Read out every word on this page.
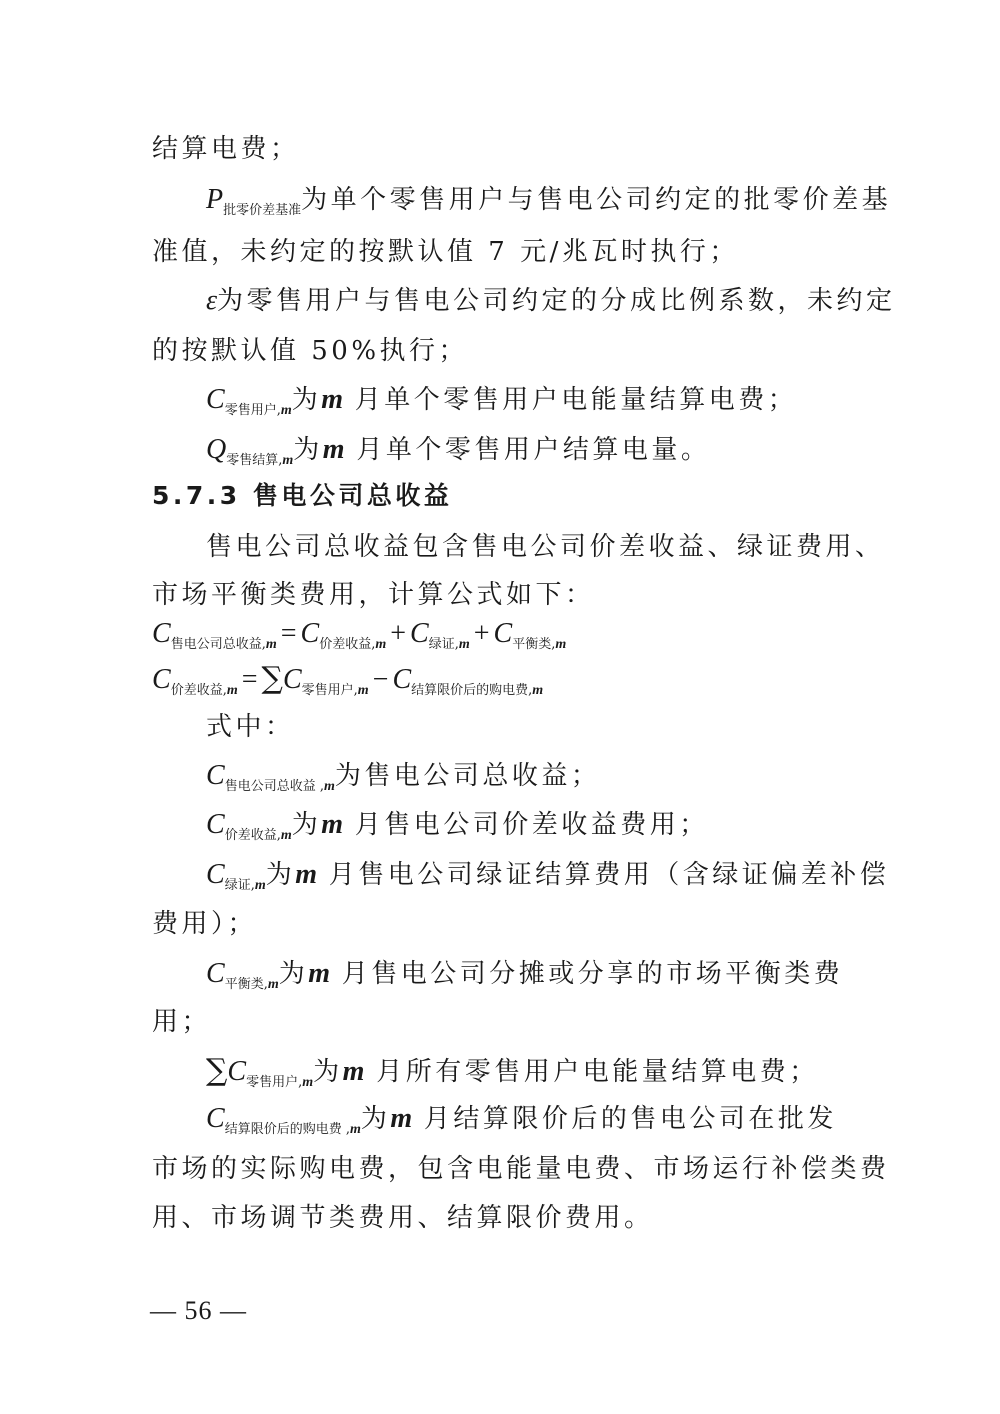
结算电费；
$P_{批零价差基准}$为单个零售用户与售电公司约定的批零价差基
准值，未约定的按默认值 7 元/兆瓦时执行；
ε为零售用户与售电公司约定的分成比例系数，未约定
的按默认值 50%执行；
$C_{零售用户,m}$为m 月单个零售用户电能量结算电费；
$Q_{零售结算,m}$为m 月单个零售用户结算电量。
5.7.3 售电公司总收益
售电公司总收益包含售电公司价差收益、绿证费用、
市场平衡类费用，计算公式如下：
$C_{售电公司总收益,m} = C_{价差收益,m} + C_{绿证,m} + C_{平衡类,m}$
$C_{价差收益,m} = \sum C_{零售用户,m} - C_{结算限价后的购电费,m}$
式中：
$C_{售电公司总收益 ,m}$为售电公司总收益；
$C_{价差收益,m}$为m 月售电公司价差收益费用；
$C_{绿证,m}$为m 月售电公司绿证结算费用（含绿证偏差补偿
费用）；
$C_{平衡类,m}$为m 月售电公司分摊或分享的市场平衡类费
用；
$\sum C_{零售用户,m}$为m 月所有零售用户电能量结算电费；
$C_{结算限价后的购电费 ,m}$为m 月结算限价后的售电公司在批发
市场的实际购电费，包含电能量电费、市场运行补偿类费
用、市场调节类费用、结算限价费用。
— 56 —
